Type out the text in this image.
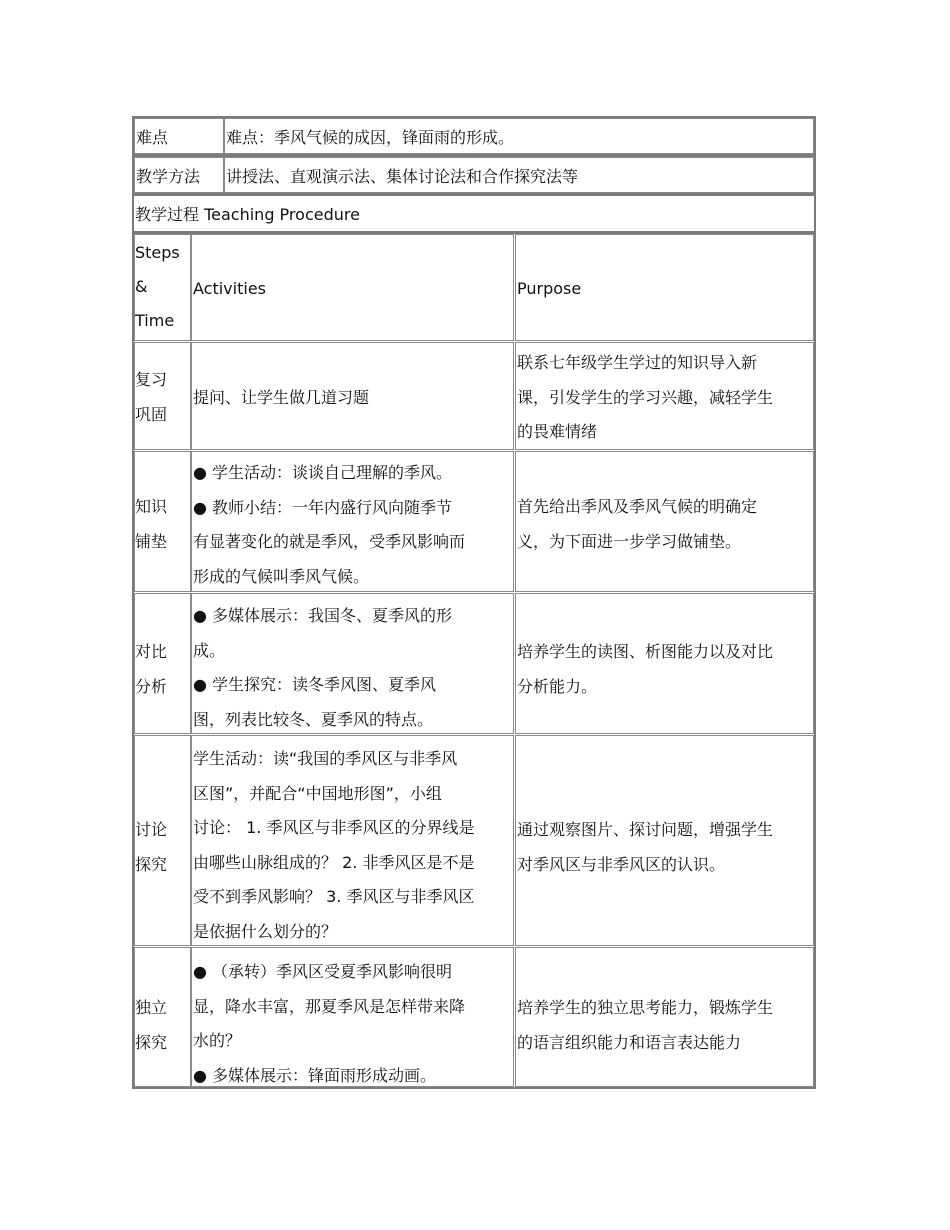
难点	难点：季风气候的成因，锋面雨的形成。
教学方法 讲授法、直观演示法、集体讨论法和合作探究法等
教学过程 Teaching Procedure
Steps
&
Time
Activities	Purpose
复习
巩固
提问、让学生做几道习题
联系七年级学生学过的知识导入新
课，引发学生的学习兴趣，减轻学生
的畏难情绪
知识
铺垫
● 学生活动：谈谈自己理解的季风。
● 教师小结：一年内盛行风向随季节
有显著变化的就是季风，受季风影响而
形成的气候叫季风气候。
首先给出季风及季风气候的明确定
义，为下面进一步学习做铺垫。
对比
分析
● 多媒体展示：我国冬、夏季风的形
成。
● 学生探究：读冬季风图、夏季风
图，列表比较冬、夏季风的特点。
培养学生的读图、析图能力以及对比
分析能力。
讨论
探究
学生活动：读“我国的季风区与非季风
区图”，并配合“中国地形图”，小组
讨论： 1. 季风区与非季风区的分界线是
由哪些山脉组成的？ 2. 非季风区是不是
受不到季风影响？ 3. 季风区与非季风区
是依据什么划分的？
通过观察图片、探讨问题，增强学生
对季风区与非季风区的认识。
独立
探究
● （承转）季风区受夏季风影响很明
显，降水丰富，那夏季风是怎样带来降
水的？
● 多媒体展示：锋面雨形成动画。
培养学生的独立思考能力，锻炼学生
的语言组织能力和语言表达能力
